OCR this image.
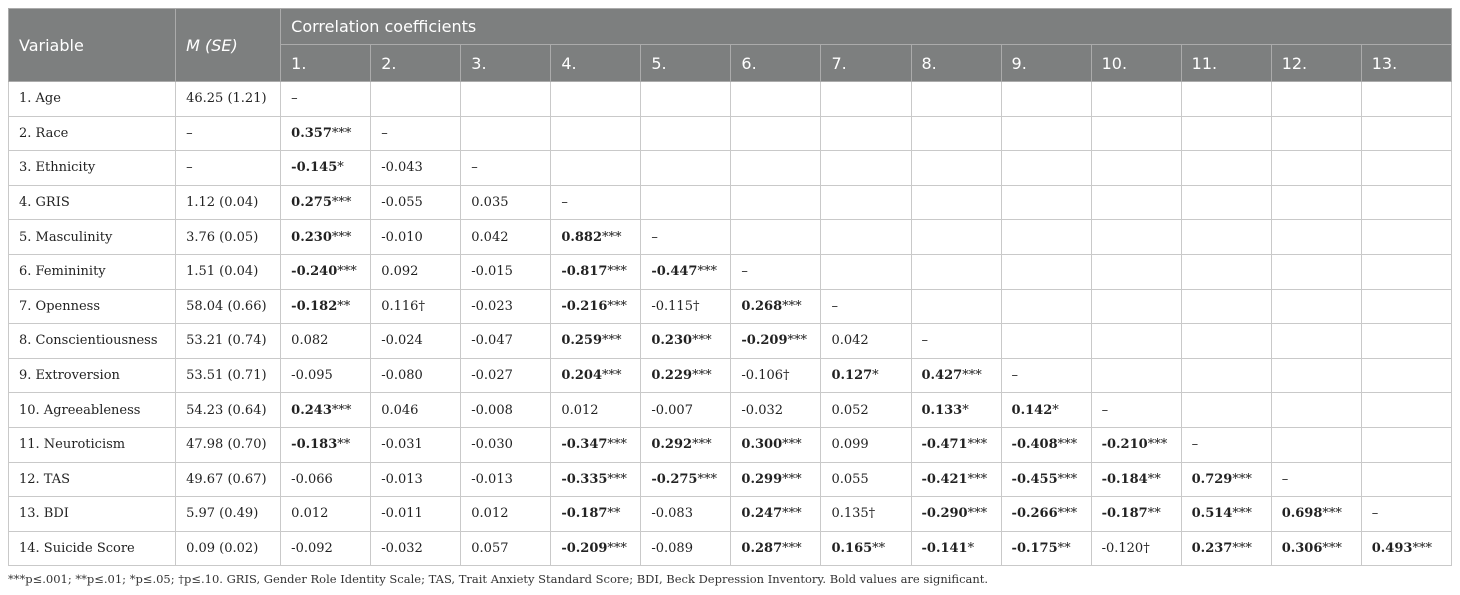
Variable	M (SE)	Correlation coefficients												
		1.	2.	3.	4.	5.	6.	7.	8.	9.	10.	11.	12.	13.
1. Age	46.25 (1.21)	–												
2. Race	–	0.357***	–											
3. Ethnicity	–	-0.145*	-0.043	–										
4. GRIS	1.12 (0.04)	0.275***	-0.055	0.035	–									
5. Masculinity	3.76 (0.05)	0.230***	-0.010	0.042	0.882***	–								
6. Femininity	1.51 (0.04)	-0.240***	0.092	-0.015	-0.817***	-0.447***	–							
7. Openness	58.04 (0.66)	-0.182**	0.116†	-0.023	-0.216***	-0.115†	0.268***	–						
8. Conscientiousness	53.21 (0.74)	0.082	-0.024	-0.047	0.259***	0.230***	-0.209***	0.042	–					
9. Extroversion	53.51 (0.71)	-0.095	-0.080	-0.027	0.204***	0.229***	-0.106†	0.127*	0.427***	–				
10. Agreeableness	54.23 (0.64)	0.243***	0.046	-0.008	0.012	-0.007	-0.032	0.052	0.133*	0.142*	–			
11. Neuroticism	47.98 (0.70)	-0.183**	-0.031	-0.030	-0.347***	0.292***	0.300***	0.099	-0.471***	-0.408***	-0.210***	–		
12. TAS	49.67 (0.67)	-0.066	-0.013	-0.013	-0.335***	-0.275***	0.299***	0.055	-0.421***	-0.455***	-0.184**	0.729***	–	
13. BDI	5.97 (0.49)	0.012	-0.011	0.012	-0.187**	-0.083	0.247***	0.135†	-0.290***	-0.266***	-0.187**	0.514***	0.698***	–
14. Suicide Score	0.09 (0.02)	-0.092	-0.032	0.057	-0.209***	-0.089	0.287***	0.165**	-0.141*	-0.175**	-0.120†	0.237***	0.306***	0.493***
***p≤.001; **p≤.01; *p≤.05; †p≤.10. GRIS, Gender Role Identity Scale; TAS, Trait Anxiety Standard Score; BDI, Beck Depression Inventory. Bold values are significant.
